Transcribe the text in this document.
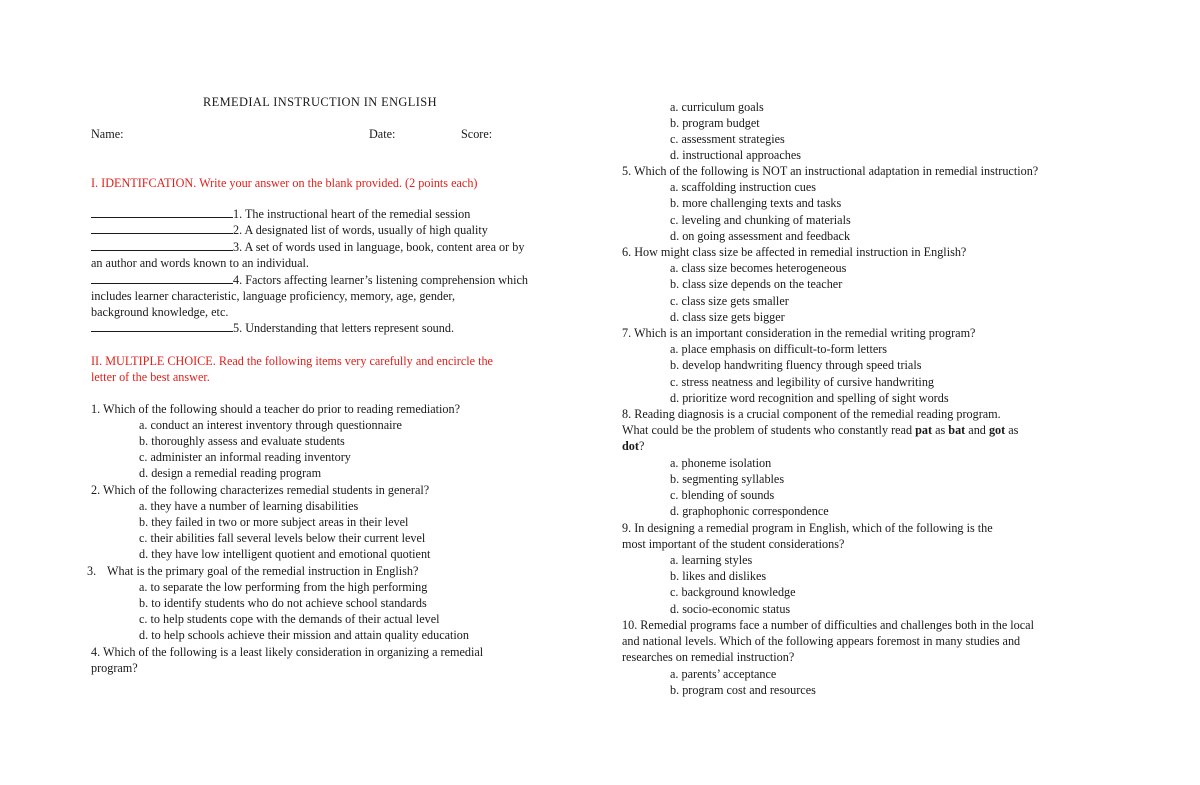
REMEDIAL INSTRUCTION IN ENGLISH
Name:	Date:	Score:
I. IDENTIFCATION. Write your answer on the blank provided. (2 points each)
1. The instructional heart of the remedial session
2. A designated list of words, usually of high quality
3. A set of words used in language, book, content area or by
an author and words known to an individual.
4. Factors affecting learner’s listening comprehension which
includes learner characteristic, language proficiency, memory, age, gender,
background knowledge, etc.
5. Understanding that letters represent sound.
II. MULTIPLE CHOICE. Read the following items very carefully and encircle the
letter of the best answer.
1. Which of the following should a teacher do prior to reading remediation?
a. conduct an interest inventory through questionnaire
b. thoroughly assess and evaluate students
c. administer an informal reading inventory
d. design a remedial reading program
2. Which of the following characterizes remedial students in general?
a. they have a number of learning disabilities
b. they failed in two or more subject areas in their level
c. their abilities fall several levels below their current level
d. they have low intelligent quotient and emotional quotient
3. What is the primary goal of the remedial instruction in English?
a. to separate the low performing from the high performing
b. to identify students who do not achieve school standards
c. to help students cope with the demands of their actual level
d. to help schools achieve their mission and attain quality education
4. Which of the following is a least likely consideration in organizing a remedial
program?
a. curriculum goals
b. program budget
c. assessment strategies
d. instructional approaches
5. Which of the following is NOT an instructional adaptation in remedial instruction?
a. scaffolding instruction cues
b. more challenging texts and tasks
c. leveling and chunking of materials
d. on going assessment and feedback
6. How might class size be affected in remedial instruction in English?
a. class size becomes heterogeneous
b. class size depends on the teacher
c. class size gets smaller
d. class size gets bigger
7. Which is an important consideration in the remedial writing program?
a. place emphasis on difficult-to-form letters
b. develop handwriting fluency through speed trials
c. stress neatness and legibility of cursive handwriting
d. prioritize word recognition and spelling of sight words
8. Reading diagnosis is a crucial component of the remedial reading program.
What could be the problem of students who constantly read pat as bat and got as
dot?
a. phoneme isolation
b. segmenting syllables
c. blending of sounds
d. graphophonic correspondence
9. In designing a remedial program in English, which of the following is the
most important of the student considerations?
a. learning styles
b. likes and dislikes
c. background knowledge
d. socio-economic status
10. Remedial programs face a number of difficulties and challenges both in the local
and national levels. Which of the following appears foremost in many studies and
researches on remedial instruction?
a. parents’ acceptance
b. program cost and resources
